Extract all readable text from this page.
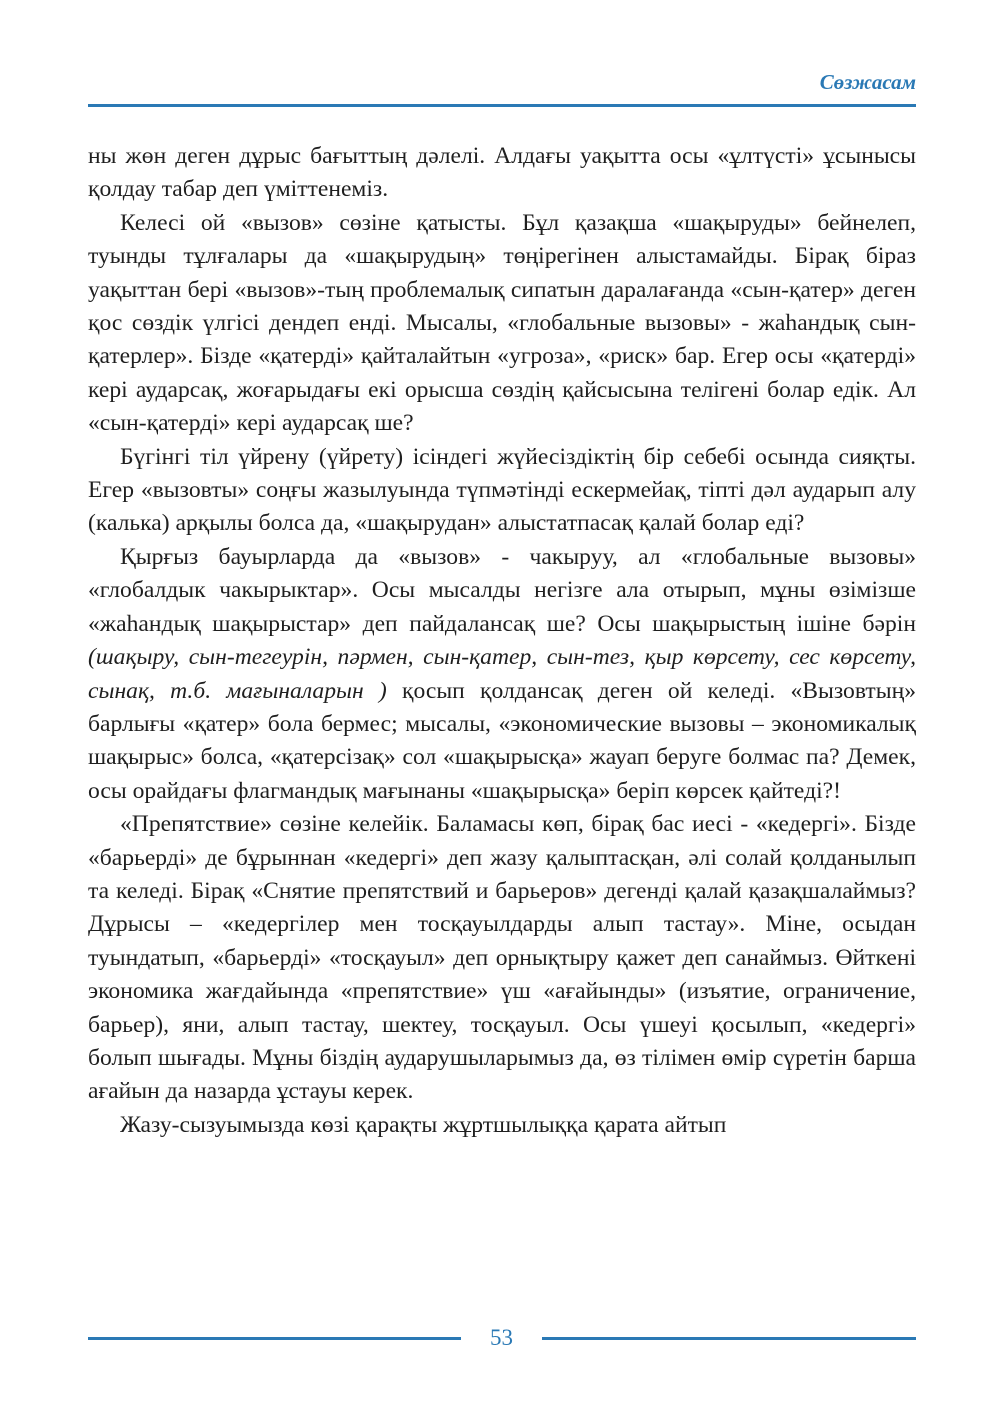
Сөзжасам

ны жөн деген дұрыс бағыттың дәлелі. Алдағы уақытта осы «ұлтүсті» ұсынысы қолдау табар деп үміттенеміз.

Келесі ой «вызов» сөзіне қатысты. Бұл қазақша «шақыруды» бейнелеп, туынды тұлғалары да «шақырудың» төңірегінен алыстамайды. Бірақ біраз уақыттан бері «вызов»-тың проблемалық сипатын даралағанда «сын-қатер» деген қос сөздік үлгісі дендеп енді. Мысалы, «глобальные вызовы» - жаһандық сын-қатерлер». Бізде «қатерді» қайталайтын «угроза», «риск» бар. Егер осы «қатерді» кері аударсақ, жоғарыдағы екі орысша сөздің қайсысына телігені болар едік. Ал «сын-қатерді» кері аударсақ ше?

Бүгінгі тіл үйрену (үйрету) ісіндегі жүйесіздіктің бір себебі осында сияқты. Егер «вызовты» соңғы жазылуында түпмәтінді ескермейақ, тіпті дәл аударып алу (калька) арқылы болса да, «шақырудан» алыстатпасақ қалай болар еді?

Қырғыз бауырларда да «вызов» - чакыруу, ал «глобальные вызовы» «глобалдык чакырыктар». Осы мысалды негізге ала отырып, мұны өзімізше «жаһандық шақырыстар» деп пайдалансақ ше? Осы шақырыстың ішіне бәрін (шақыру, сын-тегеурін, пәрмен, сын-қатер, сын-тез, қыр көрсету, сес көрсету, сынақ, т.б. мағыналарын ) қосып қолдансақ деген ой келеді. «Вызовтың» барлығы «қатер» бола бермес; мысалы, «экономические вызовы – экономикалық шақырыс» болса, «қатерсізақ» сол «шақырысқа» жауап беруге болмас па? Демек, осы орайдағы флагмандық мағынаны «шақырысқа» беріп көрсек қайтеді?!

«Препятствие» сөзіне келейік. Баламасы көп, бірақ бас иесі - «кедергі». Бізде «барьерді» де бұрыннан «кедергі» деп жазу қалыптасқан, әлі солай қолданылып та келеді. Бірақ «Снятие препятствий и барьеров» дегенді қалай қазақшалаймыз? Дұрысы – «кедергілер мен тосқауылдарды алып тастау». Міне, осыдан туындатып, «барьерді» «тосқауыл» деп орнықтыру қажет деп санаймыз. Өйткені экономика жағдайында «препятствие» үш «ағайынды» (изъятие, ограничение, барьер), яни, алып тастау, шектеу, тосқауыл. Осы үшеуі қосылып, «кедергі» болып шығады. Мұны біздің аударушыларымыз да, өз тілімен өмір сүретін барша ағайын да назарда ұстауы керек.

Жазу-сызуымызда көзі қарақты жұртшылыққа қарата айтып

53
